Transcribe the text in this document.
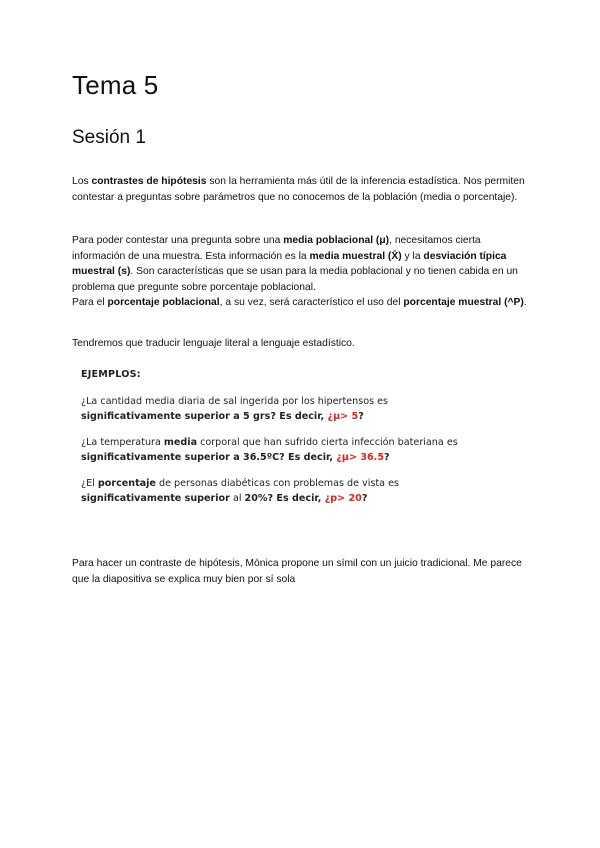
Tema 5
Sesión 1

Los contrastes de hipótesis son la herramienta más útil de la inferencia estadística. Nos permiten contestar a preguntas sobre parámetros que no conocemos de la población (media o porcentaje).

Para poder contestar una pregunta sobre una media poblacional (μ), necesitamos cierta información de una muestra. Esta información es la media muestral (X̄) y la desviación típica muestral (s). Son características que se usan para la media poblacional y no tienen cabida en un problema que pregunte sobre porcentaje poblacional.
Para el porcentaje poblacional, a su vez, será característico el uso del porcentaje muestral (^P).

Tendremos que traducir lenguaje literal a lenguaje estadístico.

EJEMPLOS:
¿La cantidad media diaria de sal ingerida por los hipertensos es
significativamente superior a 5 grs? Es decir, ¿μ> 5?
¿La temperatura media corporal que han sufrido cierta infección bateriana es
significativamente superior a 36.5ºC? Es decir, ¿μ> 36.5?
¿El porcentaje de personas diabéticas con problemas de vista es
significativamente superior al 20%? Es decir, ¿p> 20?

Para hacer un contraste de hipótesis, Mónica propone un símil con un juicio tradicional. Me parece que la diapositiva se explica muy bien por sí sola
